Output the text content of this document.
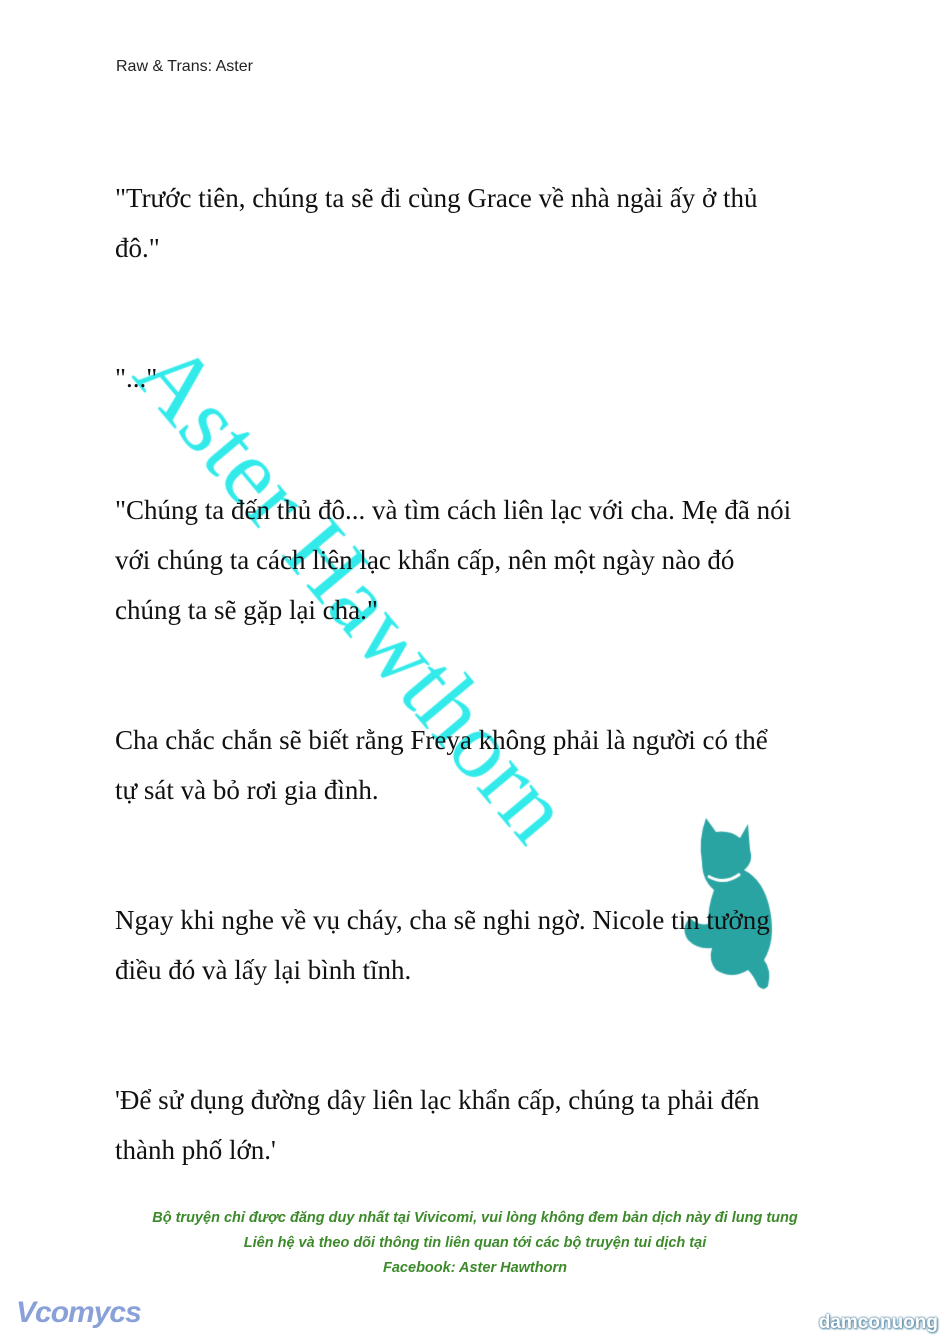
Raw & Trans: Aster
"Trước tiên, chúng ta sẽ đi cùng Grace về nhà ngài ấy ở thủ
đô."
"..."
"Chúng ta đến thủ đô... và tìm cách liên lạc với cha. Mẹ đã nói
với chúng ta cách liên lạc khẩn cấp, nên một ngày nào đó
chúng ta sẽ gặp lại cha."
Cha chắc chắn sẽ biết rằng Freya không phải là người có thể
tự sát và bỏ rơi gia đình.
Ngay khi nghe về vụ cháy, cha sẽ nghi ngờ. Nicole tin tưởng
điều đó và lấy lại bình tĩnh.
'Để sử dụng đường dây liên lạc khẩn cấp, chúng ta phải đến
thành phố lớn.'
Bộ truyện chỉ được đăng duy nhất tại Vivicomi, vui lòng không đem bản dịch này đi lung tung
Liên hệ và theo dõi thông tin liên quan tới các bộ truyện tui dịch tại
Facebook: Aster Hawthorn
Vcomycs	damconuong
